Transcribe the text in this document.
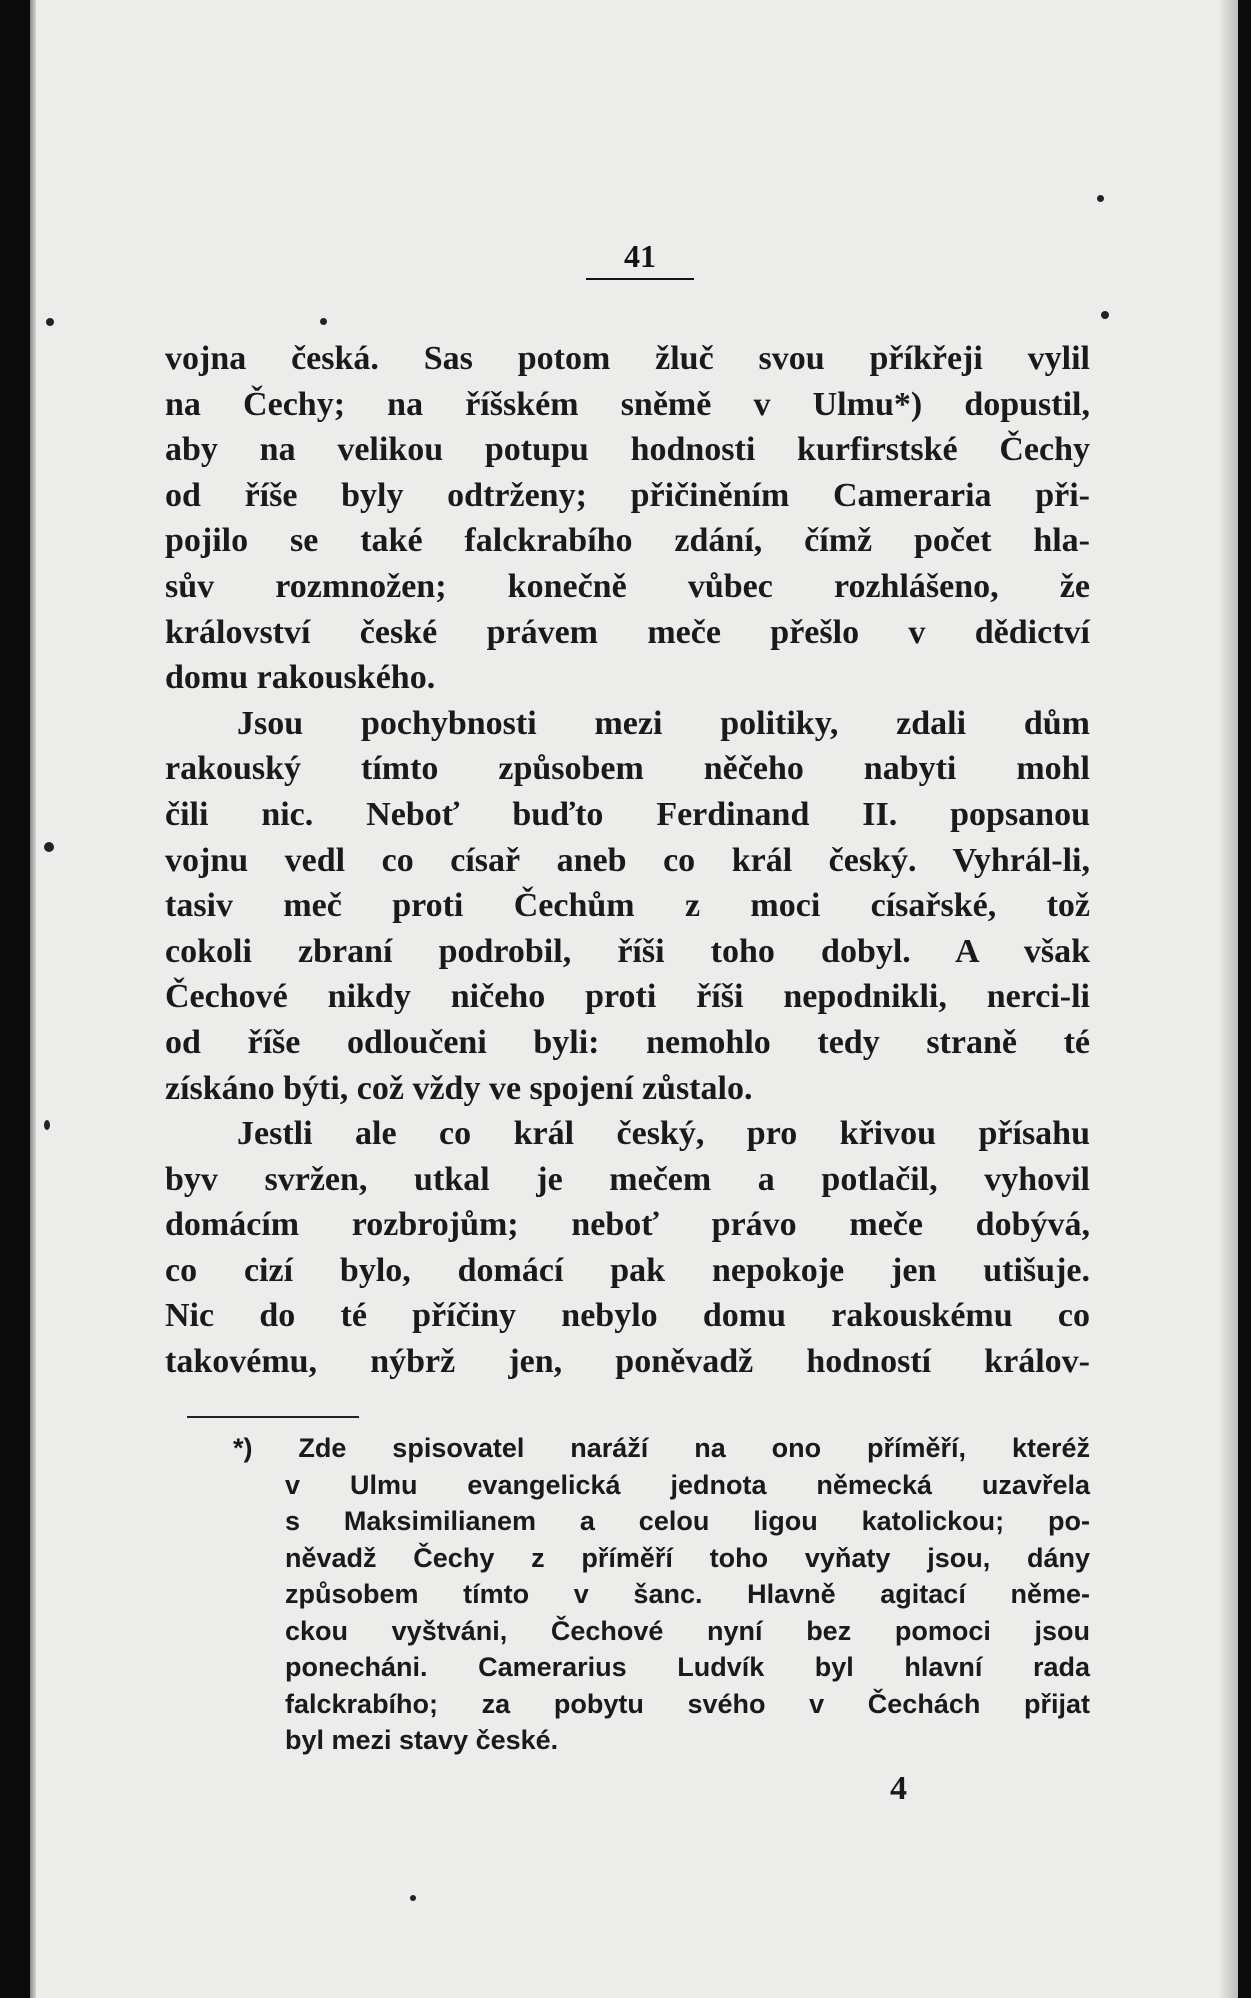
41
vojna česká. Sas potom žluč svou příkřeji vylil
na Čechy; na říšském sněmě v Ulmu*) dopustil,
aby na velikou potupu hodnosti kurfirstské Čechy
od říše byly odtrženy; přičiněním Cameraria při-
pojilo se také falckrabího zdání, čímž počet hla-
sův rozmnožen; konečně vůbec rozhlášeno, že
království české právem meče přešlo v dědictví
domu rakouského.
Jsou pochybnosti mezi politiky, zdali dům
rakouský tímto způsobem něčeho nabyti mohl
čili nic. Neboť buďto Ferdinand II. popsanou
vojnu vedl co císař aneb co král český. Vyhrál-li,
tasiv meč proti Čechům z moci císařské, tož
cokoli zbraní podrobil, říši toho dobyl. A však
Čechové nikdy ničeho proti říši nepodnikli, nerci-li
od říše odloučeni byli: nemohlo tedy straně té
získáno býti, což vždy ve spojení zůstalo.
Jestli ale co král český, pro křivou přísahu
byv svržen, utkal je mečem a potlačil, vyhovil
domácím rozbrojům; neboť právo meče dobývá,
co cizí bylo, domácí pak nepokoje jen utišuje.
Nic do té příčiny nebylo domu rakouskému co
takovému, nýbrž jen, poněvadž hodností králov-
*) Zde spisovatel naráží na ono příměří, kteréž
v Ulmu evangelická jednota německá uzavřela
s Maksimilianem a celou ligou katolickou; po-
něvadž Čechy z příměří toho vyňaty jsou, dány
způsobem tímto v šanc. Hlavně agitací něme-
ckou vyštváni, Čechové nyní bez pomoci jsou
ponecháni. Camerarius Ludvík byl hlavní rada
falckrabího; za pobytu svého v Čechách přijat
byl mezi stavy české.
4
